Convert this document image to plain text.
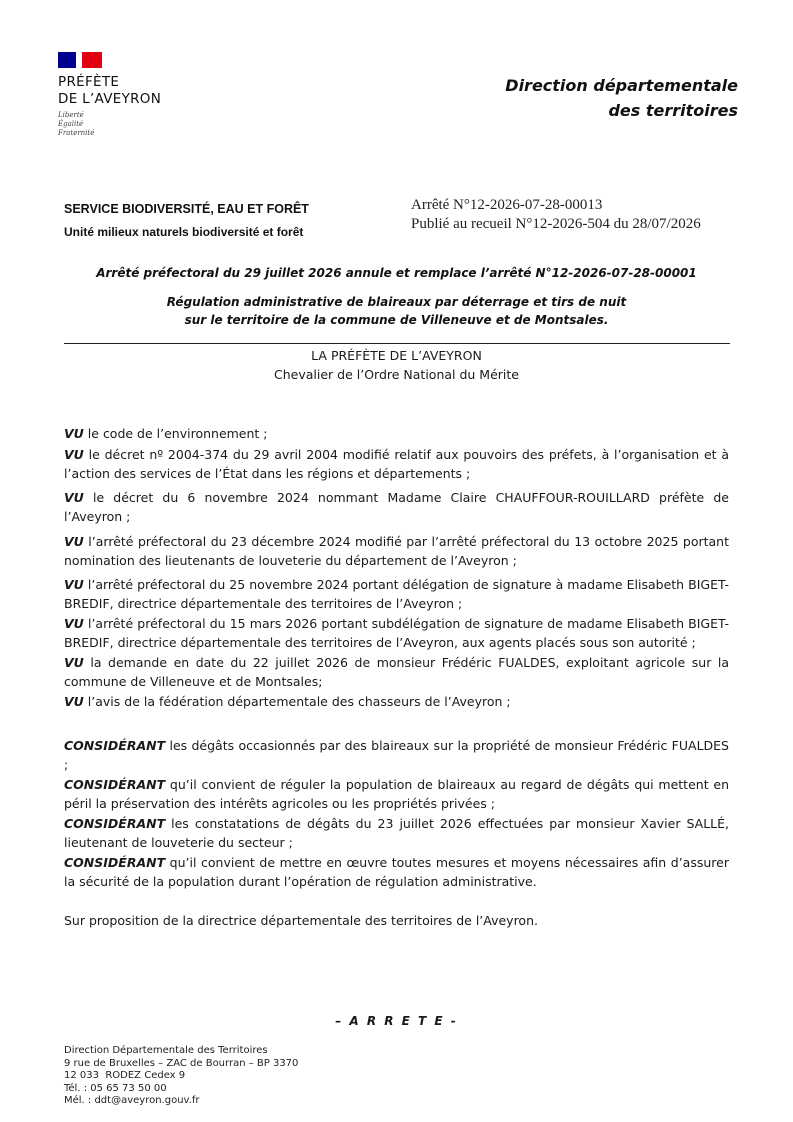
PRÉFÈTE
DE L’AVEYRON
Liberté
Égalité
Fraternité
Direction départementale
des territoires
SERVICE BIODIVERSITÉ, EAU ET FORÊT
Unité milieux naturels biodiversité et forêt
Arrêté N°12-2026-07-28-00013
Publié au recueil N°12-2026-504 du 28/07/2026
Arrêté préfectoral du 29 juillet 2026 annule et remplace l’arrêté N°12-2026-07-28-00001
Régulation administrative de blaireaux par déterrage et tirs de nuit
sur le territoire de la commune de Villeneuve et de Montsales.
LA PRÉFÈTE DE L’AVEYRON
Chevalier de l’Ordre National du Mérite

VU le code de l’environnement ;

VU le décret nº 2004-374 du 29 avril 2004 modifié relatif aux pouvoirs des préfets, à l’organisation et à l’action des services de l’État dans les régions et départements ;

VU le décret du 6 novembre 2024 nommant Madame Claire CHAUFFOUR-ROUILLARD préfète de l’Aveyron ;

VU l’arrêté préfectoral du 23 décembre 2024 modifié par l’arrêté préfectoral du 13 octobre 2025 portant nomination des lieutenants de louveterie du département de l’Aveyron ;

VU l’arrêté préfectoral du 25 novembre 2024 portant délégation de signature à madame Elisabeth BIGET-BREDIF, directrice départementale des territoires de l’Aveyron ;

VU l’arrêté préfectoral du 15 mars 2026 portant subdélégation de signature de madame Elisabeth BIGET-BREDIF, directrice départementale des territoires de l’Aveyron, aux agents placés sous son autorité ;

VU la demande en date du 22 juillet 2026 de monsieur Frédéric FUALDES, exploitant agricole sur la commune de Villeneuve et de Montsales;

VU l’avis de la fédération départementale des chasseurs de l’Aveyron ;

CONSIDÉRANT les dégâts occasionnés par des blaireaux sur la propriété de monsieur Frédéric FUALDES ;

CONSIDÉRANT qu’il convient de réguler la population de blaireaux au regard de dégâts qui mettent en péril la préservation des intérêts agricoles ou les propriétés privées ;

CONSIDÉRANT les constatations de dégâts du 23 juillet 2026 effectuées par monsieur Xavier SALLÉ, lieutenant de louveterie du secteur ;

CONSIDÉRANT qu’il convient de mettre en œuvre toutes mesures et moyens nécessaires afin d’assurer la sécurité de la population durant l’opération de régulation administrative.

Sur proposition de la directrice départementale des territoires de l’Aveyron.

– A R R E T E -
Direction Départementale des Territoires
9 rue de Bruxelles – ZAC de Bourran – BP 3370
12 033  RODEZ Cedex 9
Tél. : 05 65 73 50 00
Mél. : ddt@aveyron.gouv.fr
